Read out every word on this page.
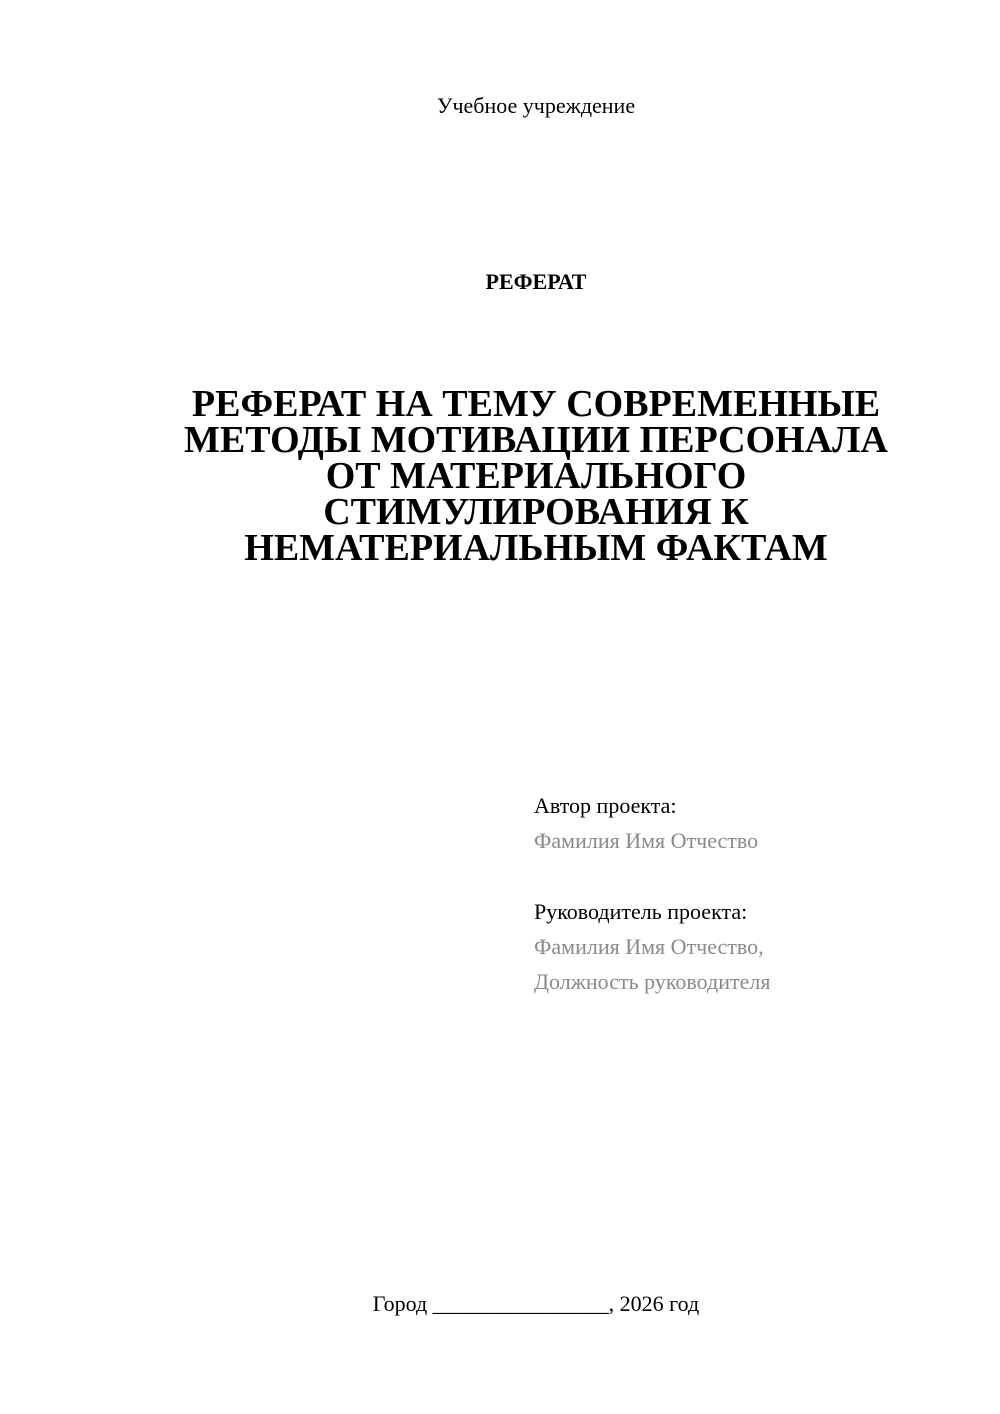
Учебное учреждение
РЕФЕРАТ
РЕФЕРАТ НА ТЕМУ СОВРЕМЕННЫЕ
МЕТОДЫ МОТИВАЦИИ ПЕРСОНАЛА
ОТ МАТЕРИАЛЬНОГО
СТИМУЛИРОВАНИЯ К
НЕМАТЕРИАЛЬНЫМ ФАКТАМ
Автор проекта:
Фамилия Имя Отчество
Руководитель проекта:
Фамилия Имя Отчество,
Должность руководителя
Город ________________, 2026 год
